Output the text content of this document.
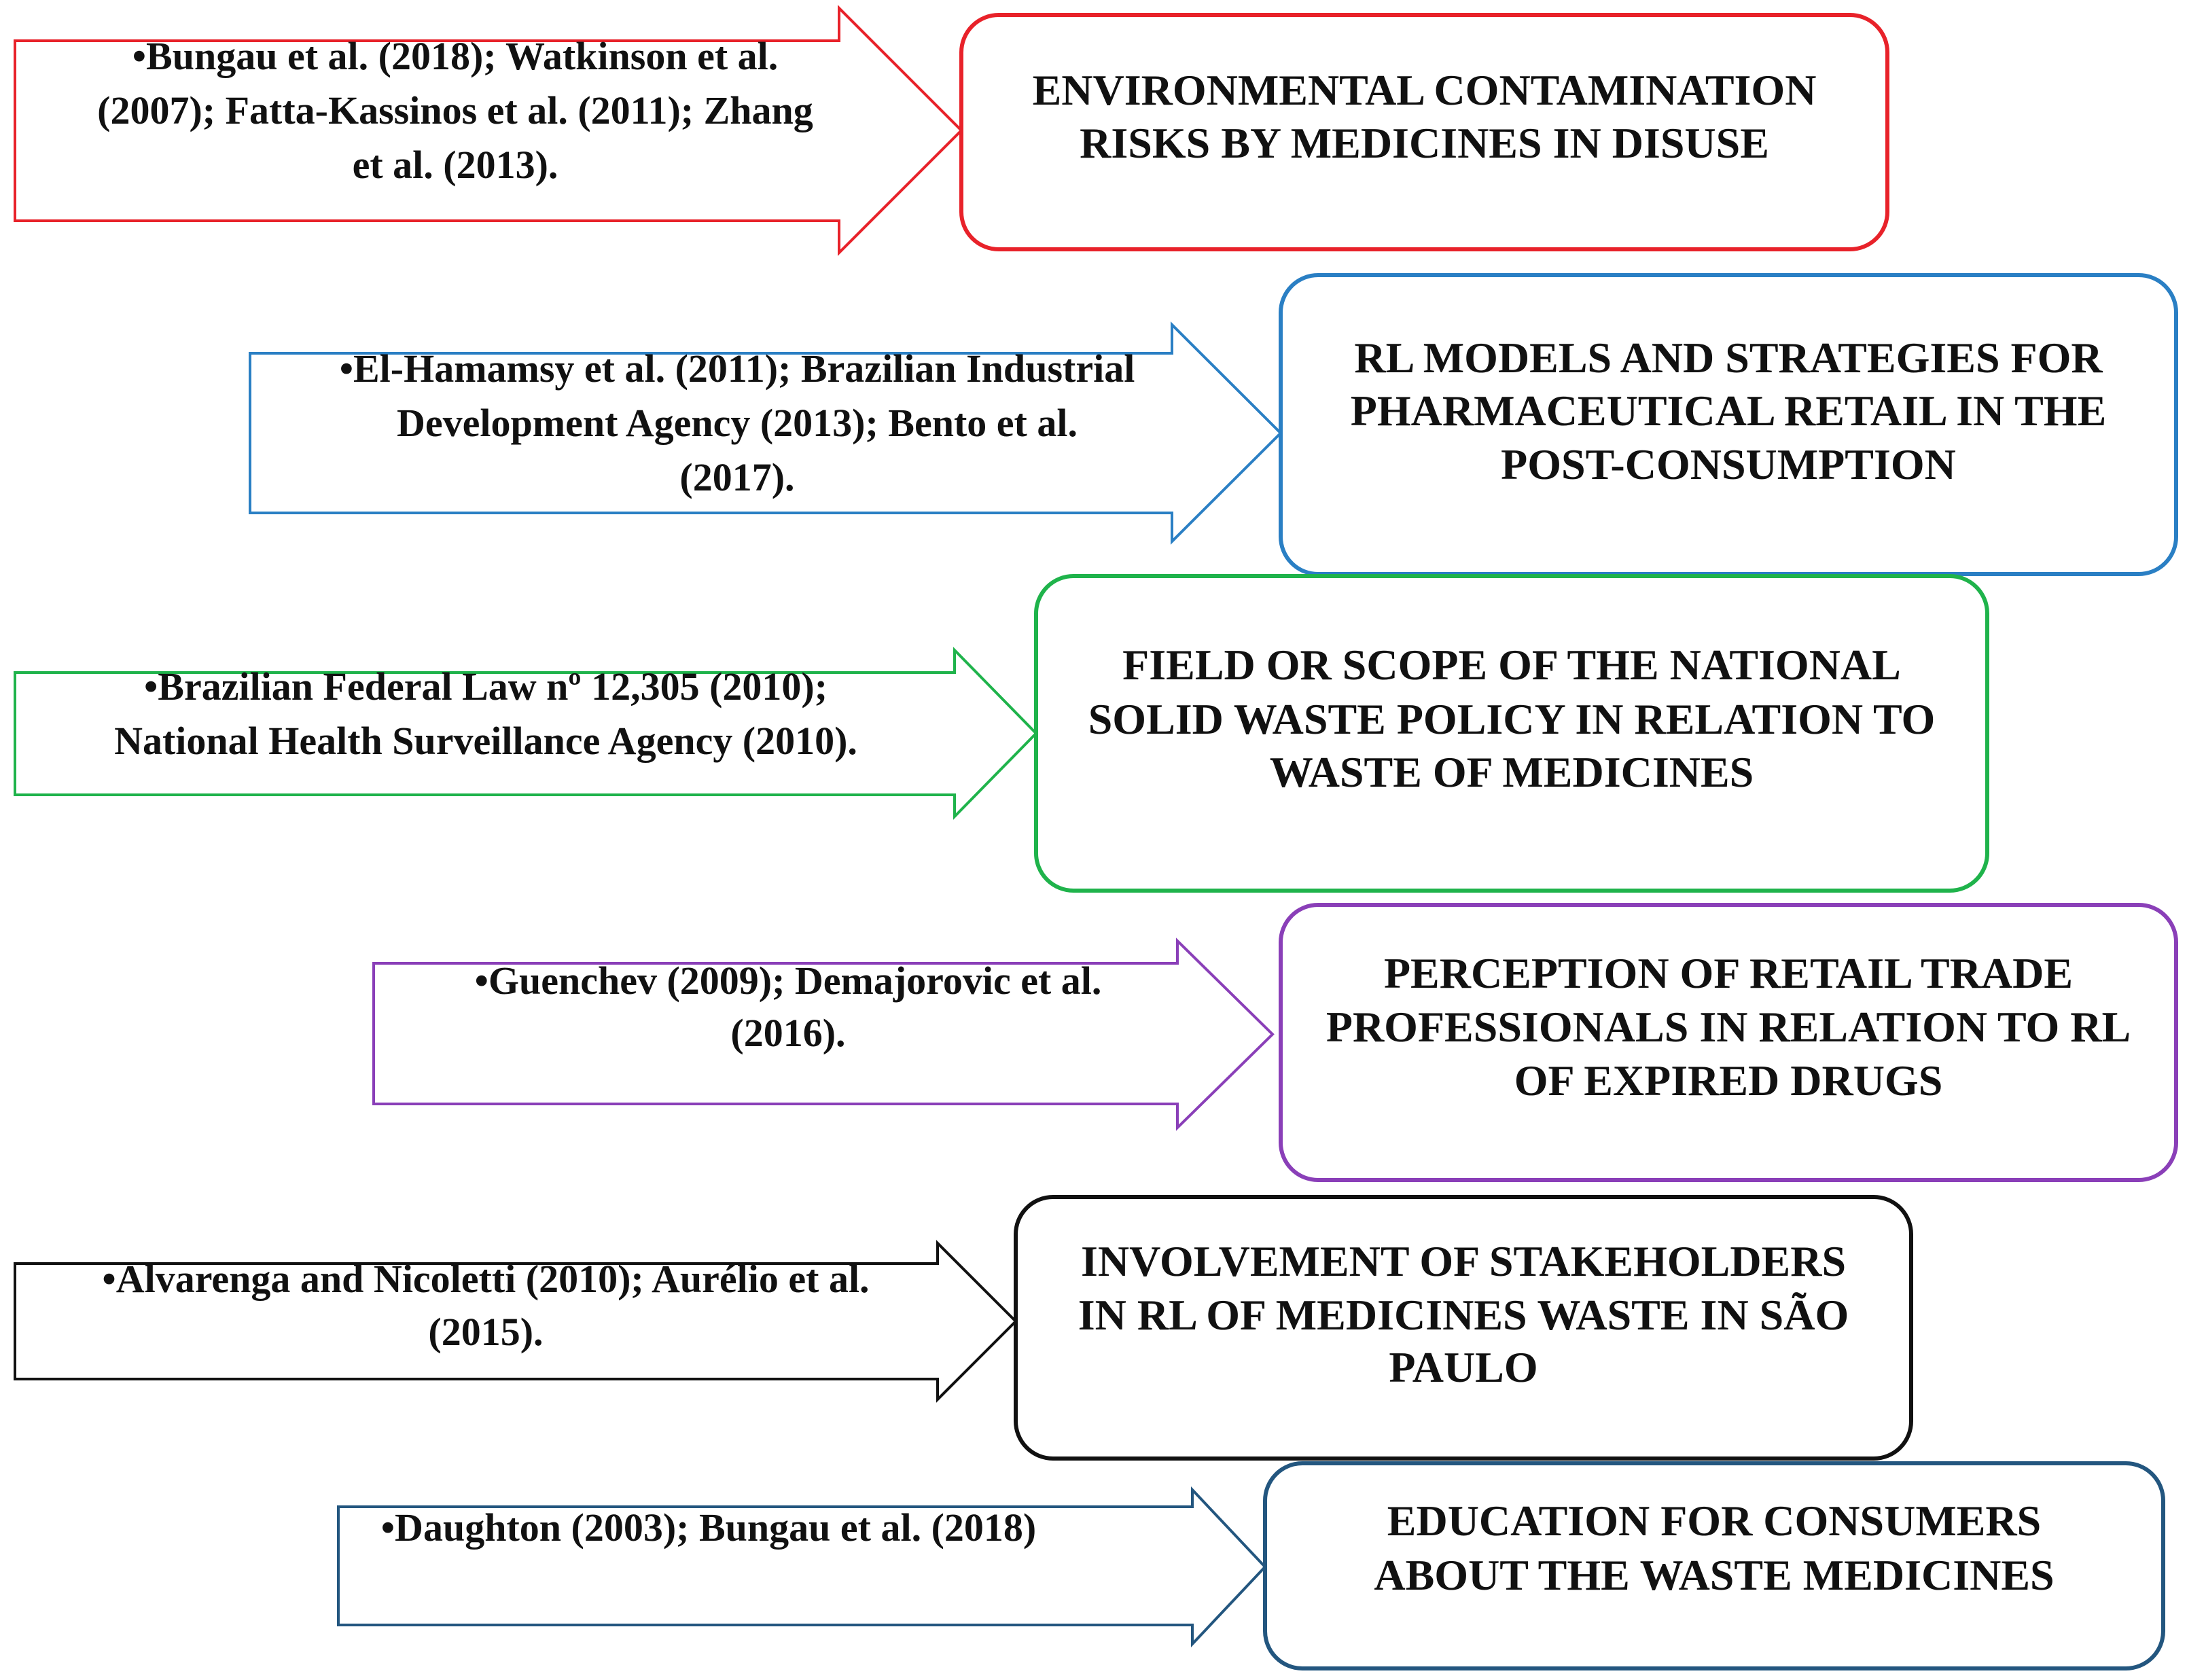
•Bungau et al. (2018); Watkinson et al.
(2007); Fatta-Kassinos et al. (2011); Zhang
et al. (2013).
ENVIRONMENTAL CONTAMINATION
RISKS BY MEDICINES IN DISUSE
•El-Hamamsy et al. (2011); Brazilian Industrial
Development Agency (2013); Bento et al.
(2017).
RL MODELS AND STRATEGIES FOR
PHARMACEUTICAL RETAIL IN THE
POST-CONSUMPTION
•Brazilian Federal Law nº 12,305 (2010);
National Health Surveillance Agency (2010).
FIELD OR SCOPE OF THE NATIONAL
SOLID WASTE POLICY IN RELATION TO
WASTE OF MEDICINES
•Guenchev (2009); Demajorovic et al.
(2016).
PERCEPTION OF RETAIL TRADE
PROFESSIONALS IN RELATION TO RL
OF EXPIRED DRUGS
•Alvarenga and Nicoletti (2010); Aurélio et al.
(2015).
INVOLVEMENT OF STAKEHOLDERS
IN RL OF MEDICINES WASTE IN SÃO
PAULO
•Daughton (2003); Bungau et al. (2018)	EDUCATION FOR CONSUMERS
ABOUT THE WASTE MEDICINES
